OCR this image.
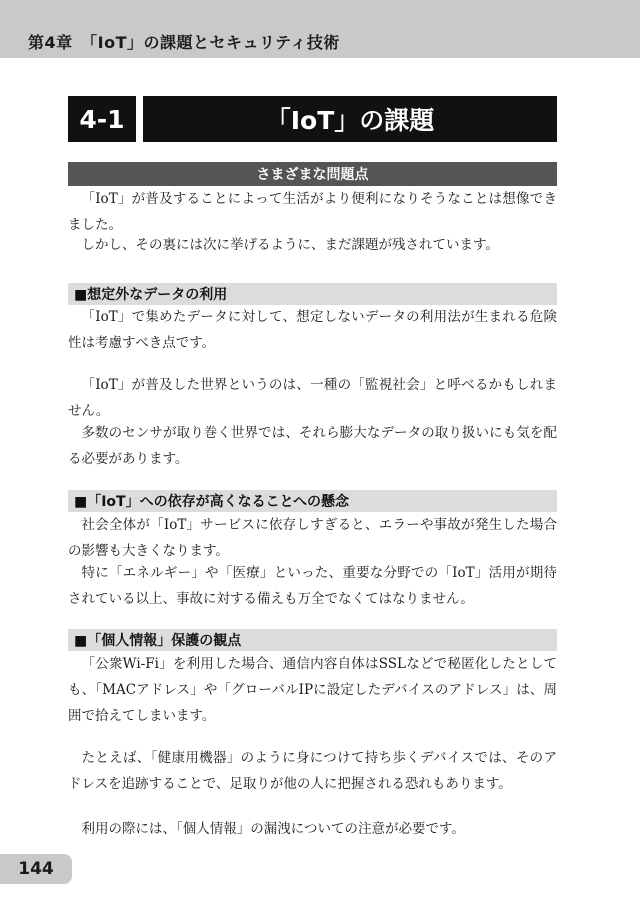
第4章　「IoT」の課題とセキュリティ技術
4-1	「IoT」の課題
さまざまな問題点
「IoT」が普及することによって生活がより便利になりそうなことは想像できました。
しかし、その裏には次に挙げるように、まだ課題が残されています。
■想定外なデータの利用
「IoT」で集めたデータに対して、想定しないデータの利用法が生まれる危険性は考慮すべき点です。
「IoT」が普及した世界というのは、一種の「監視社会」と呼べるかもしれません。
多数のセンサが取り巻く世界では、それら膨大なデータの取り扱いにも気を配る必要があります。
■「IoT」への依存が高くなることへの懸念
社会全体が「IoT」サービスに依存しすぎると、エラーや事故が発生した場合の影響も大きくなります。
特に「エネルギー」や「医療」といった、重要な分野での「IoT」活用が期待されている以上、事故に対する備えも万全でなくてはなりません。
■「個人情報」保護の観点
「公衆Wi-Fi」を利用した場合、通信内容自体はSSLなどで秘匿化したとしても、「MACアドレス」や「グローバルIPに設定したデバイスのアドレス」は、周囲で拾えてしまいます。
たとえば、「健康用機器」のように身につけて持ち歩くデバイスでは、そのアドレスを追跡することで、足取りが他の人に把握される恐れもあります。
利用の際には、「個人情報」の漏洩についての注意が必要です。
144
